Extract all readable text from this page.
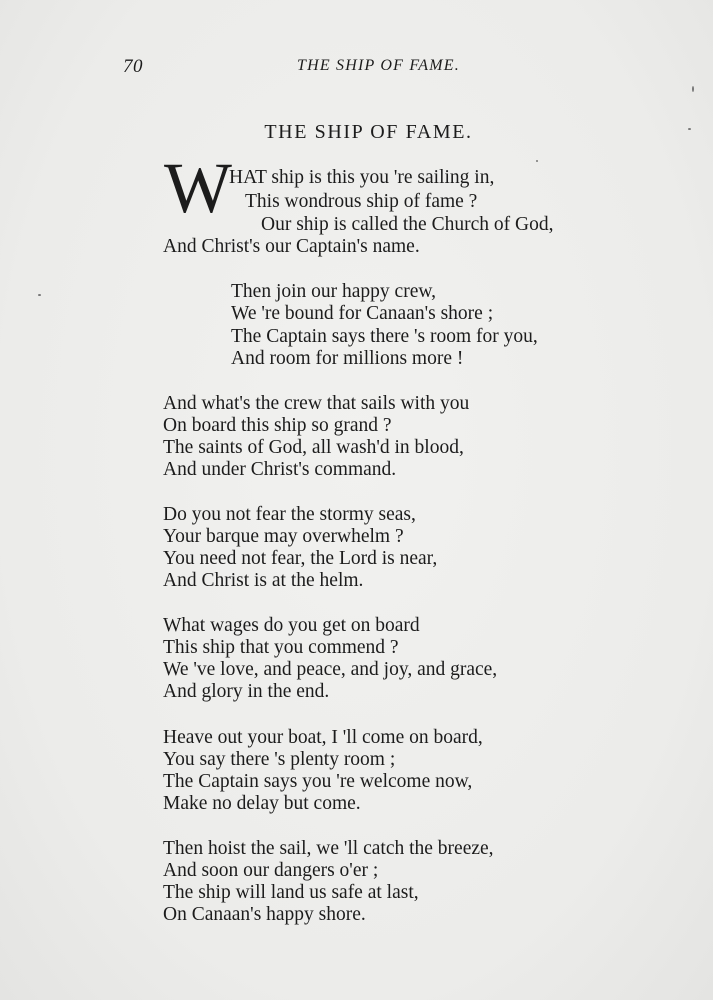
70	THE SHIP OF FAME.
THE SHIP OF FAME.
W HAT ship is this you 're sailing in,
This wondrous ship of fame ?
Our ship is called the Church of God,
And Christ's our Captain's name.
Then join our happy crew,
We 're bound for Canaan's shore ;
The Captain says there 's room for you,
And room for millions more !
And what's the crew that sails with you
On board this ship so grand ?
The saints of God, all wash'd in blood,
And under Christ's command.
Do you not fear the stormy seas,
Your barque may overwhelm ?
You need not fear, the Lord is near,
And Christ is at the helm.
What wages do you get on board
This ship that you commend ?
We 've love, and peace, and joy, and grace,
And glory in the end.
Heave out your boat, I 'll come on board,
You say there 's plenty room ;
The Captain says you 're welcome now,
Make no delay but come.
Then hoist the sail, we 'll catch the breeze,
And soon our dangers o'er ;
The ship will land us safe at last,
On Canaan's happy shore.
